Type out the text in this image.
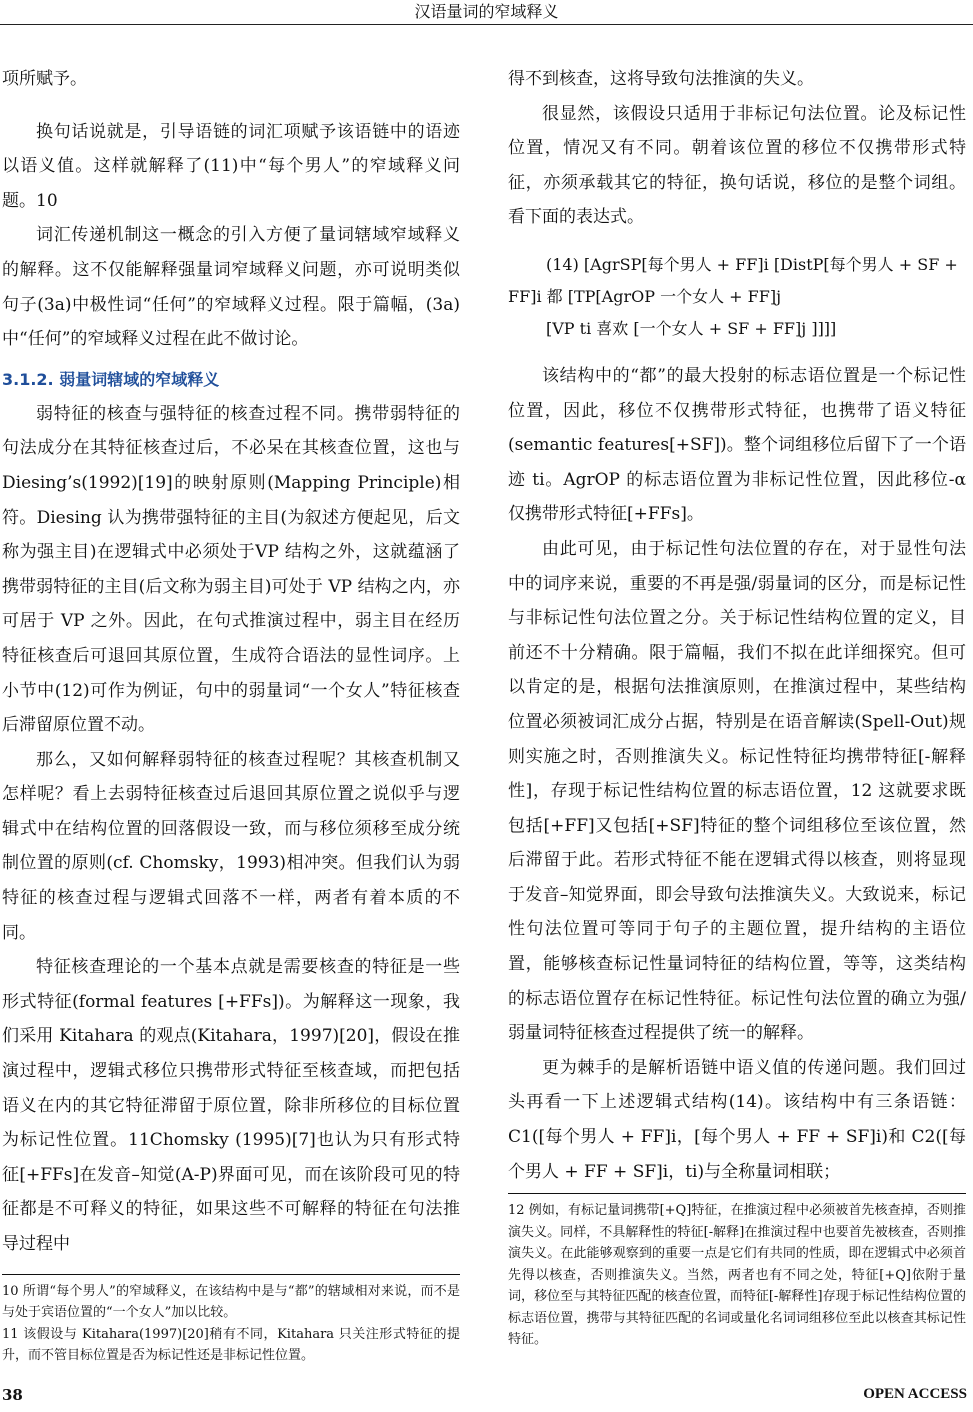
汉语量词的窄域释义

项所赋予。

换句话说就是，引导语链的词汇项赋予该语链中的语迹以语义值。这样就解释了(11)中“每个男人”的窄域释义问题。10

词汇传递机制这一概念的引入方便了量词辖域窄域释义的解释。这不仅能解释强量词窄域释义问题，亦可说明类似句子(3a)中极性词“任何”的窄域释义过程。限于篇幅，(3a)中“任何”的窄域释义过程在此不做讨论。

3.1.2. 弱量词辖域的窄域释义

弱特征的核查与强特征的核查过程不同。携带弱特征的句法成分在其特征核查过后，不必呆在其核查位置，这也与 Diesing’s(1992)[19]的映射原则(Mapping Principle)相符。Diesing 认为携带强特征的主目(为叙述方便起见，后文称为强主目)在逻辑式中必须处于VP 结构之外，这就蕴涵了携带弱特征的主目(后文称为弱主目)可处于 VP 结构之内，亦可居于 VP 之外。因此，在句式推演过程中，弱主目在经历特征核查后可退回其原位置，生成符合语法的显性词序。上小节中(12)可作为例证，句中的弱量词“一个女人”特征核查后滞留原位置不动。

那么，又如何解释弱特征的核查过程呢？其核查机制又怎样呢？看上去弱特征核查过后退回其原位置之说似乎与逻辑式中在结构位置的回落假设一致，而与移位须移至成分统制位置的原则(cf. Chomsky，1993)相冲突。但我们认为弱特征的核查过程与逻辑式回落不一样，两者有着本质的不同。

特征核查理论的一个基本点就是需要核查的特征是一些形式特征(formal features [+FFs])。为解释这一现象，我们采用 Kitahara 的观点(Kitahara，1997)[20]，假设在推演过程中，逻辑式移位只携带形式特征至核查域，而把包括语义在内的其它特征滞留于原位置，除非所移位的目标位置为标记性位置。11Chomsky (1995)[7]也认为只有形式特征[+FFs]在发音–知觉(A-P)界面可见，而在该阶段可见的特征都是不可释义的特征，如果这些不可解释的特征在句法推导过程中

10 所谓“每个男人”的窄域释义，在该结构中是与“都”的辖域相对来说，而不是与处于宾语位置的“一个女人”加以比较。

11 该假设与 Kitahara(1997)[20]稍有不同，Kitahara 只关注形式特征的提升，而不管目标位置是否为标记性还是非标记性位置。

得不到核查，这将导致句法推演的失义。

很显然，该假设只适用于非标记句法位置。论及标记性位置，情况又有不同。朝着该位置的移位不仅携带形式特征，亦须承载其它的特征，换句话说，移位的是整个词组。看下面的表达式。

(14) [AgrSP[每个男人 + FF]i [DistP[每个男人 + SF +
FF]i 都 [TP[AgrOP 一个女人 + FF]j
[VP ti 喜欢 [一个女人 + SF + FF]j ]]]]

该结构中的“都”的最大投射的标志语位置是一个标记性位置，因此，移位不仅携带形式特征，也携带了语义特征(semantic features[+SF])。整个词组移位后留下了一个语迹 ti。AgrOP 的标志语位置为非标记性位置，因此移位-α 仅携带形式特征[+FFs]。

由此可见，由于标记性句法位置的存在，对于显性句法中的词序来说，重要的不再是强/弱量词的区分，而是标记性与非标记性句法位置之分。关于标记性结构位置的定义，目前还不十分精确。限于篇幅，我们不拟在此详细探究。但可以肯定的是，根据句法推演原则，在推演过程中，某些结构位置必须被词汇成分占据，特别是在语音解读(Spell-Out)规则实施之时，否则推演失义。标记性特征均携带特征[-解释性]，存现于标记性结构位置的标志语位置，12 这就要求既包括[+FF]又包括[+SF]特征的整个词组移位至该位置，然后滞留于此。若形式特征不能在逻辑式得以核查，则将显现于发音–知觉界面，即会导致句法推演失义。大致说来，标记性句法位置可等同于句子的主题位置，提升结构的主语位置，能够核查标记性量词特征的结构位置，等等，这类结构的标志语位置存在标记性特征。标记性句法位置的确立为强/弱量词特征核查过程提供了统一的解释。

更为棘手的是解析语链中语义值的传递问题。我们回过头再看一下上述逻辑式结构(14)。该结构中有三条语链：C1([每个男人 + FF]i，[每个男人 + FF + SF]i)和 C2([每个男人 + FF + SF]i，ti)与全称量词相联；

12 例如，有标记量词携带[+Q]特征，在推演过程中必须被首先核查掉，否则推演失义。同样，不具解释性的特征[-解释]在推演过程中也要首先被核查，否则推演失义。在此能够观察到的重要一点是它们有共同的性质，即在逻辑式中必须首先得以核查，否则推演失义。当然，两者也有不同之处，特征[+Q]依附于量词，移位至与其特征匹配的核查位置，而特征[-解释性]存现于标记性结构位置的标志语位置，携带与其特征匹配的名词或量化名词词组移位至此以核查其标记性特征。

38	OPEN ACCESS
